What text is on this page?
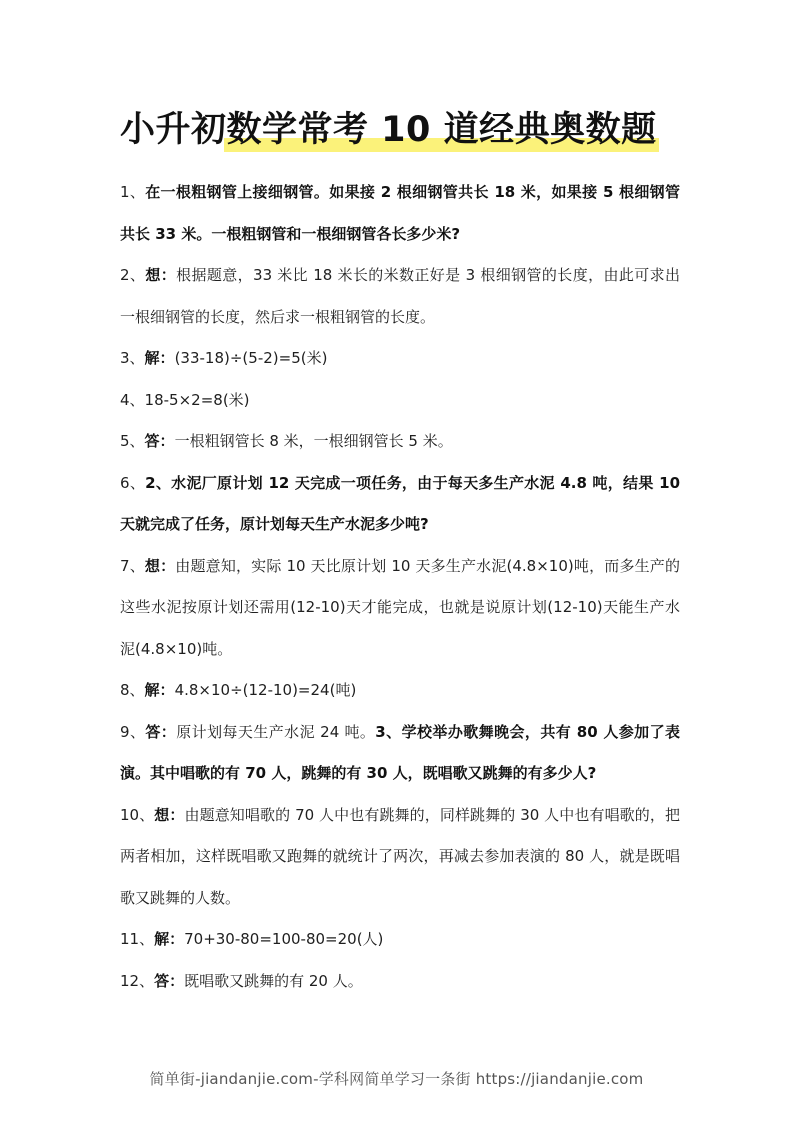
小升初数学常考 10 道经典奥数题

1、在一根粗钢管上接细钢管。如果接 2 根细钢管共长 18 米，如果接 5 根细钢管共长 33 米。一根粗钢管和一根细钢管各长多少米?

2、想：根据题意，33 米比 18 米长的米数正好是 3 根细钢管的长度，由此可求出一根细钢管的长度，然后求一根粗钢管的长度。

3、解：(33-18)÷(5-2)=5(米)

4、18-5×2=8(米)

5、答：一根粗钢管长 8 米，一根细钢管长 5 米。

6、2、水泥厂原计划 12 天完成一项任务，由于每天多生产水泥 4.8 吨，结果 10 天就完成了任务，原计划每天生产水泥多少吨?

7、想：由题意知，实际 10 天比原计划 10 天多生产水泥(4.8×10)吨，而多生产的这些水泥按原计划还需用(12-10)天才能完成，也就是说原计划(12-10)天能生产水泥(4.8×10)吨。

8、解：4.8×10÷(12-10)=24(吨)

9、答：原计划每天生产水泥 24 吨。3、学校举办歌舞晚会，共有 80 人参加了表演。其中唱歌的有 70 人，跳舞的有 30 人，既唱歌又跳舞的有多少人?

10、想：由题意知唱歌的 70 人中也有跳舞的，同样跳舞的 30 人中也有唱歌的，把两者相加，这样既唱歌又跑舞的就统计了两次，再减去参加表演的 80 人，就是既唱歌又跳舞的人数。

11、解：70+30-80=100-80=20(人)

12、答：既唱歌又跳舞的有 20 人。

简单街-jiandanjie.com-学科网简单学习一条街 https://jiandanjie.com
